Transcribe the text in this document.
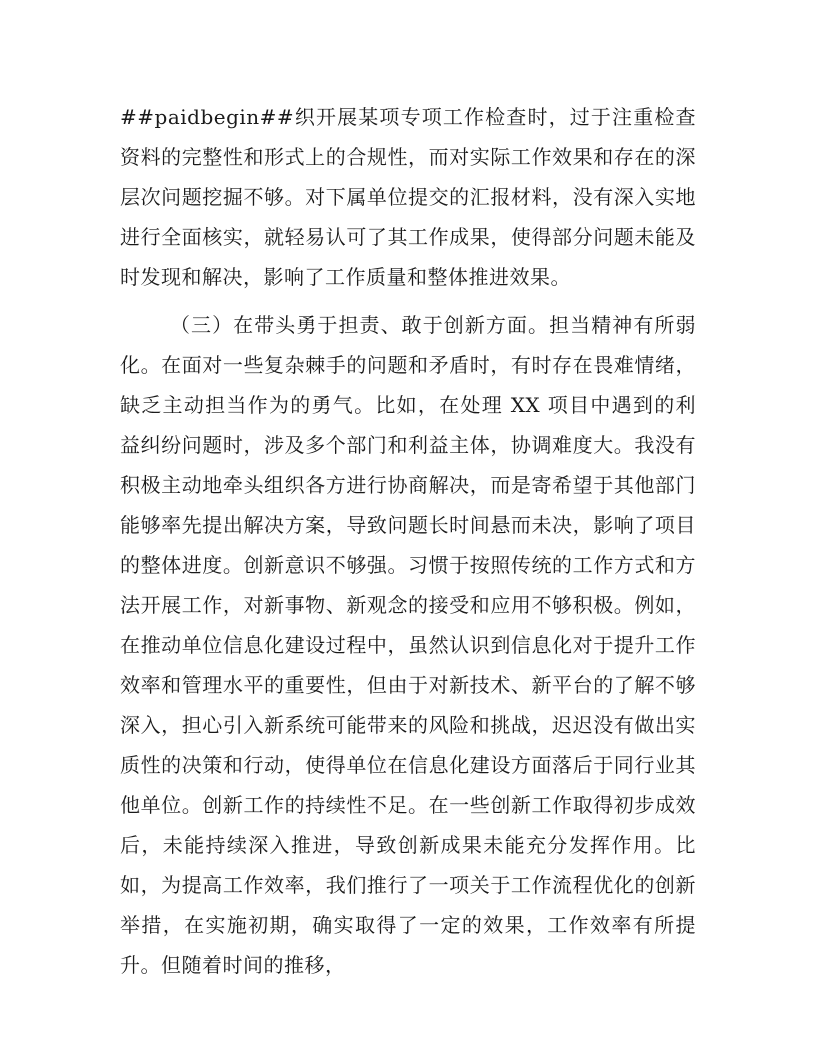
##paidbegin##织开展某项专项工作检查时，过于注重检查资料的完整性和形式上的合规性，而对实际工作效果和存在的深层次问题挖掘不够。对下属单位提交的汇报材料，没有深入实地进行全面核实，就轻易认可了其工作成果，使得部分问题未能及时发现和解决，影响了工作质量和整体推进效果。

（三）在带头勇于担责、敢于创新方面。担当精神有所弱化。在面对一些复杂棘手的问题和矛盾时，有时存在畏难情绪，缺乏主动担当作为的勇气。比如，在处理 XX 项目中遇到的利益纠纷问题时，涉及多个部门和利益主体，协调难度大。我没有积极主动地牵头组织各方进行协商解决，而是寄希望于其他部门能够率先提出解决方案，导致问题长时间悬而未决，影响了项目的整体进度。创新意识不够强。习惯于按照传统的工作方式和方法开展工作，对新事物、新观念的接受和应用不够积极。例如，在推动单位信息化建设过程中，虽然认识到信息化对于提升工作效率和管理水平的重要性，但由于对新技术、新平台的了解不够深入，担心引入新系统可能带来的风险和挑战，迟迟没有做出实质性的决策和行动，使得单位在信息化建设方面落后于同行业其他单位。创新工作的持续性不足。在一些创新工作取得初步成效后，未能持续深入推进，导致创新成果未能充分发挥作用。比如，为提高工作效率，我们推行了一项关于工作流程优化的创新举措，在实施初期，确实取得了一定的效果，工作效率有所提升。但随着时间的推移，
